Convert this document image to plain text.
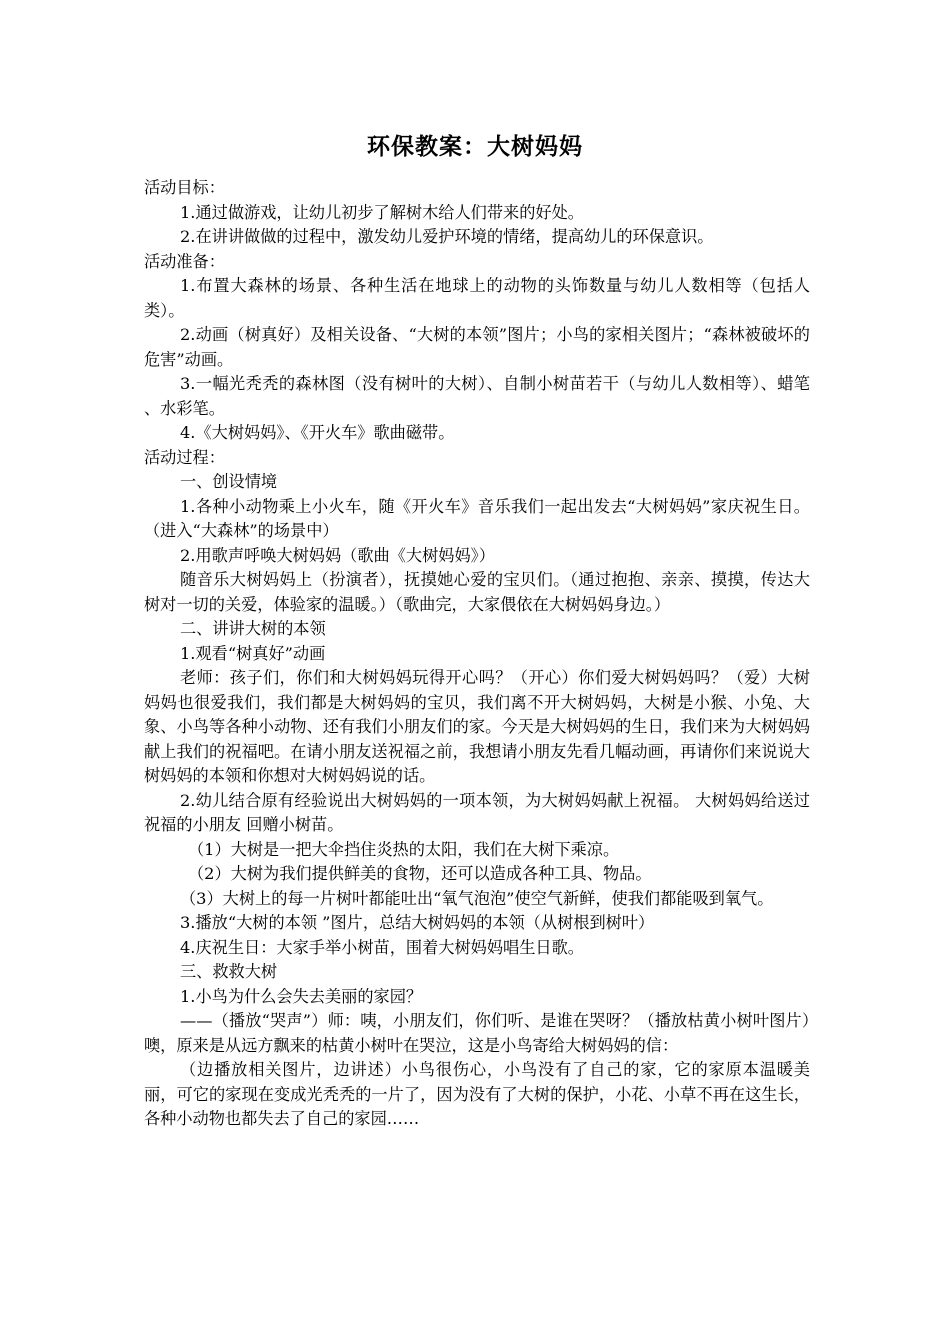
环保教案：大树妈妈

活动目标：

1.通过做游戏，让幼儿初步了解树木给人们带来的好处。

2.在讲讲做做的过程中，激发幼儿爱护环境的情绪，提高幼儿的环保意识。

活动准备：

1.布置大森林的场景、各种生活在地球上的动物的头饰数量与幼儿人数相等（包括人类）。

2.动画（树真好）及相关设备、“大树的本领”图片；小鸟的家相关图片；“森林被破坏的危害”动画。

3.一幅光秃秃的森林图（没有树叶的大树）、自制小树苗若干（与幼儿人数相等）、蜡笔 、水彩笔。

4.《大树妈妈》、《开火车》歌曲磁带。

活动过程：

一、创设情境

1.各种小动物乘上小火车，随《开火车》音乐我们一起出发去“大树妈妈”家庆祝生日。（进入“大森林”的场景中）

2.用歌声呼唤大树妈妈（歌曲《大树妈妈》）

随音乐大树妈妈上（扮演者），抚摸她心爱的宝贝们。（通过抱抱、亲亲、摸摸，传达大树对一切的关爱，体验家的温暖。）（歌曲完，大家偎依在大树妈妈身边。）

二、讲讲大树的本领

1.观看“树真好”动画

老师：孩子们，你们和大树妈妈玩得开心吗？（开心）你们爱大树妈妈吗？（爱）大树妈妈也很爱我们，我们都是大树妈妈的宝贝，我们离不开大树妈妈，大树是小猴、小兔、大象、小鸟等各种小动物、还有我们小朋友们的家。今天是大树妈妈的生日，我们来为大树妈妈献上我们的祝福吧。在请小朋友送祝福之前，我想请小朋友先看几幅动画，再请你们来说说大树妈妈的本领和你想对大树妈妈说的话。

2.幼儿结合原有经验说出大树妈妈的一项本领，为大树妈妈献上祝福。 大树妈妈给送过祝福的小朋友 回赠小树苗。

（1）大树是一把大伞挡住炎热的太阳，我们在大树下乘凉。

（2）大树为我们提供鲜美的食物，还可以造成各种工具、物品。

（3）大树上的每一片树叶都能吐出“氧气泡泡”使空气新鲜，使我们都能吸到氧气。

3.播放“大树的本领 ”图片，总结大树妈妈的本领（从树根到树叶）

4.庆祝生日：大家手举小树苗，围着大树妈妈唱生日歌。

三、救救大树

1.小鸟为什么会失去美丽的家园？

——（播放“哭声”）师：咦，小朋友们，你们听、是谁在哭呀？（播放枯黄小树叶图片）噢，原来是从远方飘来的枯黄小树叶在哭泣，这是小鸟寄给大树妈妈的信：

（边播放相关图片，边讲述）小鸟很伤心，小鸟没有了自己的家，它的家原本温暖美丽，可它的家现在变成光秃秃的一片了，因为没有了大树的保护，小花、小草不再在这生长，各种小动物也都失去了自己的家园……
